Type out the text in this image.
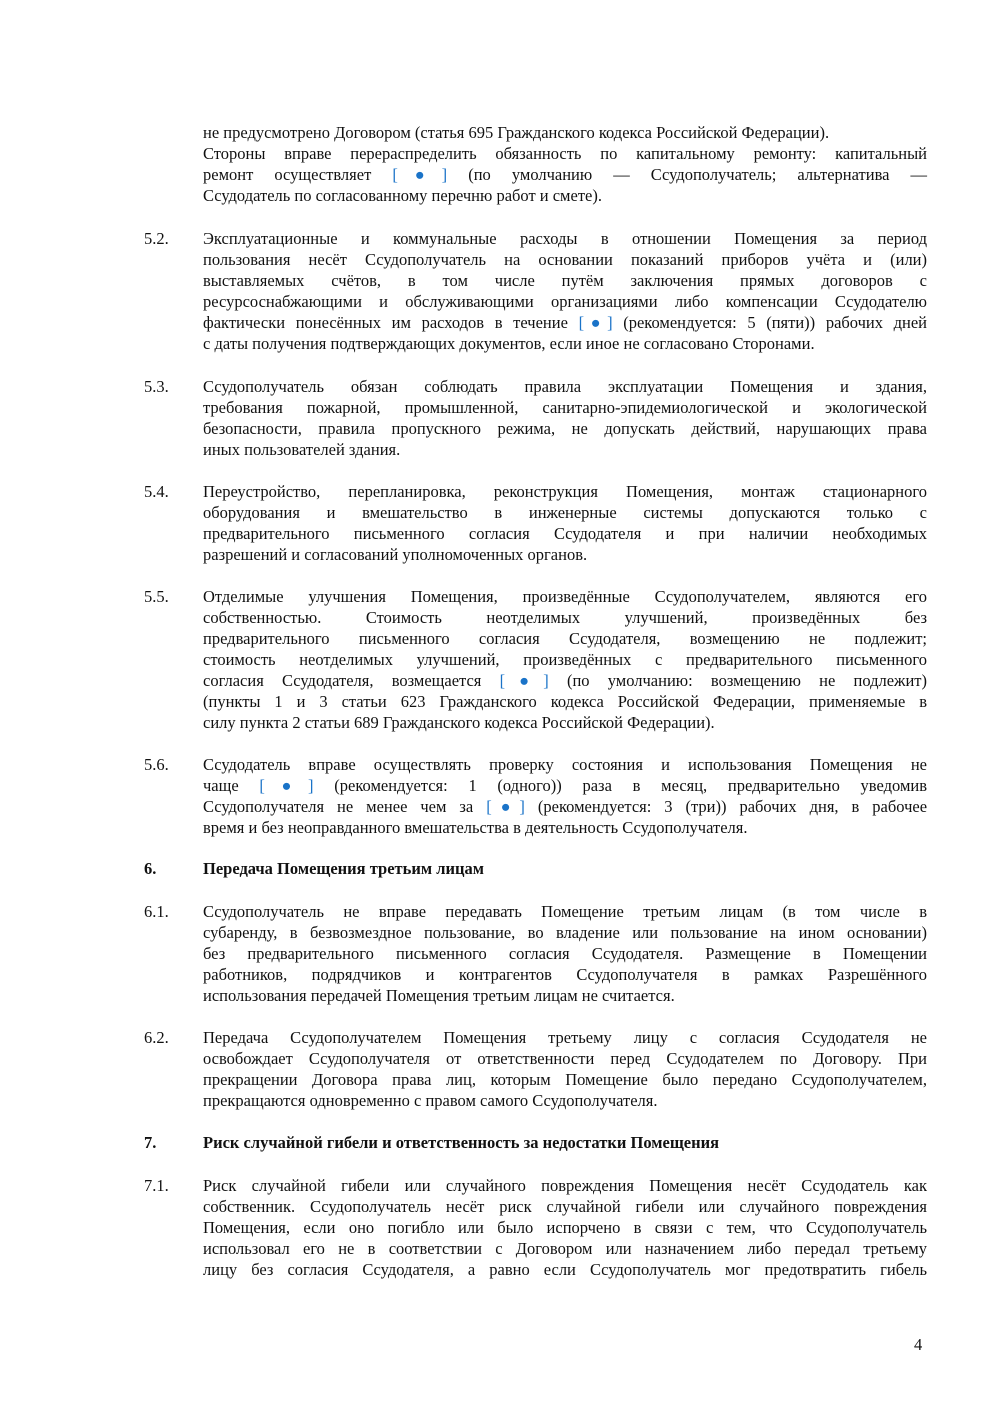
не предусмотрено Договором (статья 695 Гражданского кодекса Российской Федерации).
Стороны вправе перераспределить обязанность по капитальному ремонту: капитальный
ремонт осуществляет [●] (по умолчанию — Ссудополучатель; альтернатива —
Ссудодатель по согласованному перечню работ и смете).
5.2. Эксплуатационные и коммунальные расходы в отношении Помещения за период
пользования несёт Ссудополучатель на основании показаний приборов учёта и (или)
выставляемых счётов, в том числе путём заключения прямых договоров с
ресурсоснабжающими и обслуживающими организациями либо компенсации Ссудодателю
фактически понесённых им расходов в течение [●] (рекомендуется: 5 (пяти)) рабочих дней
с даты получения подтверждающих документов, если иное не согласовано Сторонами.
5.3. Ссудополучатель обязан соблюдать правила эксплуатации Помещения и здания,
требования пожарной, промышленной, санитарно-эпидемиологической и экологической
безопасности, правила пропускного режима, не допускать действий, нарушающих права
иных пользователей здания.
5.4. Переустройство, перепланировка, реконструкция Помещения, монтаж стационарного
оборудования и вмешательство в инженерные системы допускаются только с
предварительного письменного согласия Ссудодателя и при наличии необходимых
разрешений и согласований уполномоченных органов.
5.5. Отделимые улучшения Помещения, произведённые Ссудополучателем, являются его
собственностью. Стоимость неотделимых улучшений, произведённых без
предварительного письменного согласия Ссудодателя, возмещению не подлежит;
стоимость неотделимых улучшений, произведённых с предварительного письменного
согласия Ссудодателя, возмещается [●] (по умолчанию: возмещению не подлежит)
(пункты 1 и 3 статьи 623 Гражданского кодекса Российской Федерации, применяемые в
силу пункта 2 статьи 689 Гражданского кодекса Российской Федерации).
5.6. Ссудодатель вправе осуществлять проверку состояния и использования Помещения не
чаще [●] (рекомендуется: 1 (одного)) раза в месяц, предварительно уведомив
Ссудополучателя не менее чем за [●] (рекомендуется: 3 (три)) рабочих дня, в рабочее
время и без неоправданного вмешательства в деятельность Ссудополучателя.
6.	Передача Помещения третьим лицам
6.1. Ссудополучатель не вправе передавать Помещение третьим лицам (в том числе в
субаренду, в безвозмездное пользование, во владение или пользование на ином основании)
без предварительного письменного согласия Ссудодателя. Размещение в Помещении
работников, подрядчиков и контрагентов Ссудополучателя в рамках Разрешённого
использования передачей Помещения третьим лицам не считается.
6.2. Передача Ссудополучателем Помещения третьему лицу с согласия Ссудодателя не
освобождает Ссудополучателя от ответственности перед Ссудодателем по Договору. При
прекращении Договора права лиц, которым Помещение было передано Ссудополучателем,
прекращаются одновременно с правом самого Ссудополучателя.
7.	Риск случайной гибели и ответственность за недостатки Помещения
7.1. Риск случайной гибели или случайного повреждения Помещения несёт Ссудодатель как
собственник. Ссудополучатель несёт риск случайной гибели или случайного повреждения
Помещения, если оно погибло или было испорчено в связи с тем, что Ссудополучатель
использовал его не в соответствии с Договором или назначением либо передал третьему
лицу без согласия Ссудодателя, а равно если Ссудополучатель мог предотвратить гибель
4
